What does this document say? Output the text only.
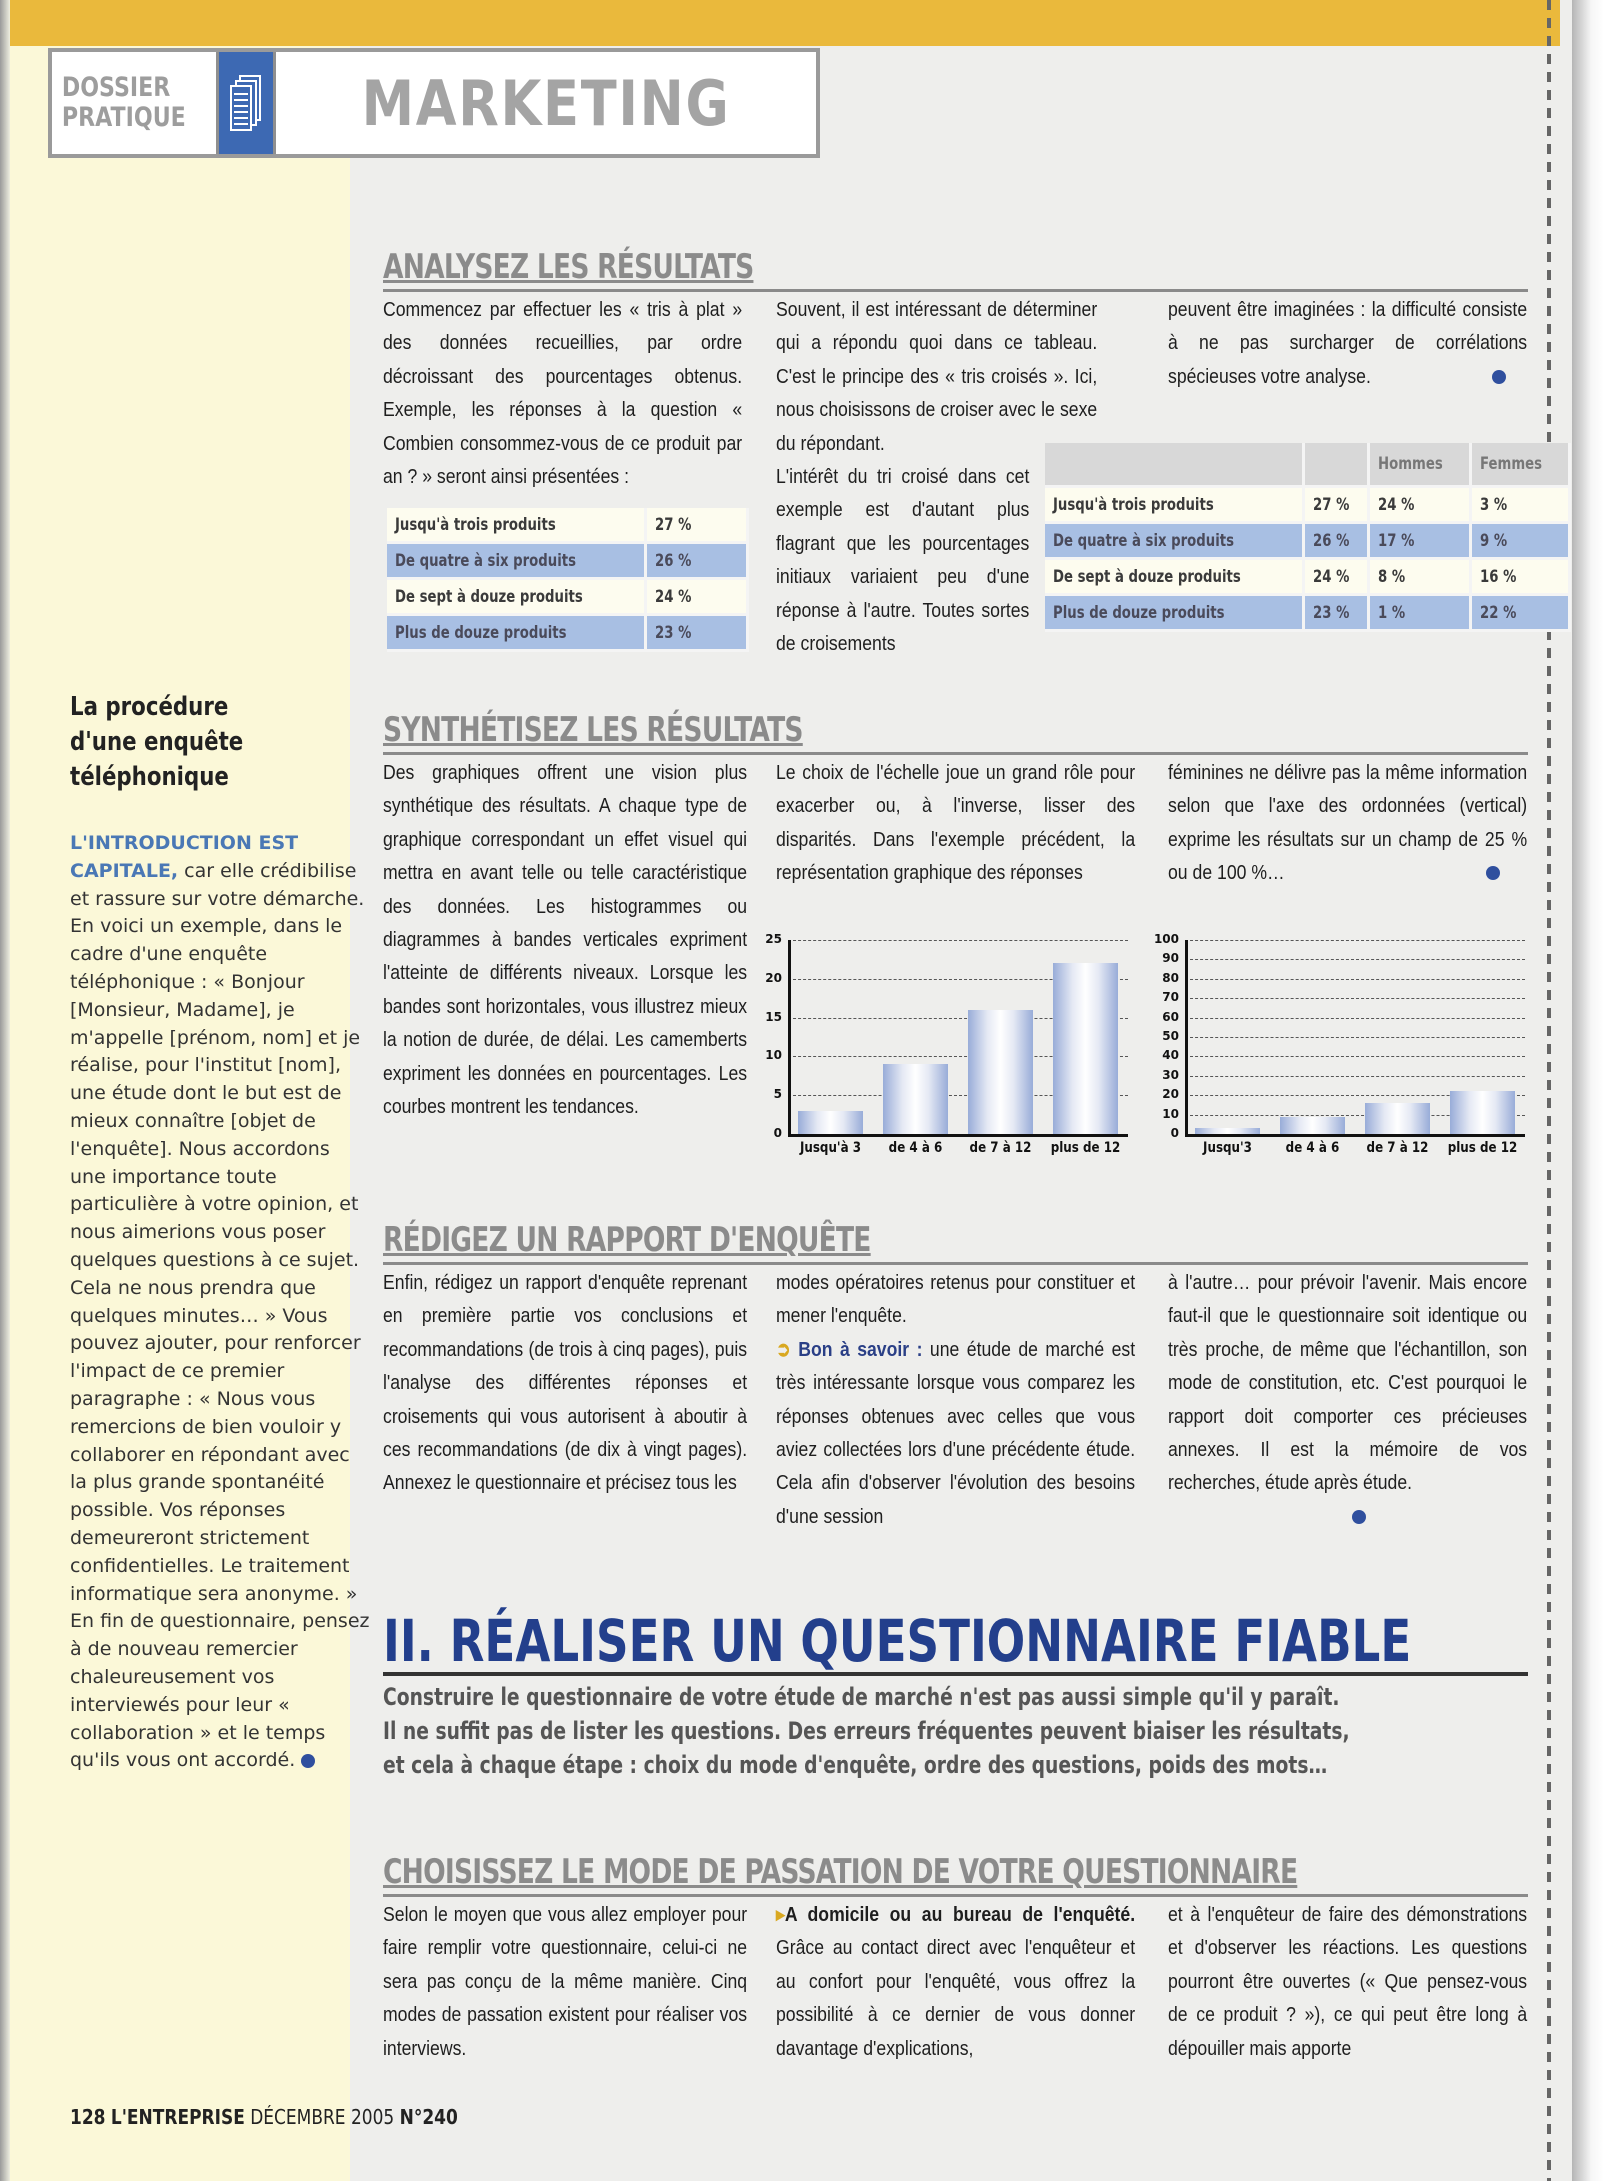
DOSSIER
PRATIQUE	MARKETING
La procédure
d'une enquête
téléphonique
L'INTRODUCTION EST CAPITALE, car elle crédibilise et rassure sur votre démarche. En voici un exemple, dans le cadre d'une enquête téléphonique : « Bonjour [Monsieur, Madame], je m'appelle [prénom, nom] et je réalise, pour l'institut [nom], une étude dont le but est de mieux connaître [objet de l'enquête]. Nous accordons une importance toute particulière à votre opinion, et nous aimerions vous poser quelques questions à ce sujet. Cela ne nous prendra que quelques minutes… » Vous pouvez ajouter, pour renforcer l'impact de ce premier paragraphe : « Nous vous remercions de bien vouloir y collaborer en répondant avec la plus grande spontanéité possible. Vos réponses demeureront strictement confidentielles. Le traitement informatique sera anonyme. » En fin de questionnaire, pensez à de nouveau remercier chaleureusement vos interviewés pour leur « collaboration » et le temps qu'ils vous ont accordé.
ANALYSEZ LES RÉSULTATS

Commencez par effectuer les « tris à plat » des données recueillies, par ordre décroissant des pourcentages obtenus. Exemple, les réponses à la question « Combien consommez-vous de ce produit par an ? » seront ainsi présentées :

Souvent, il est intéressant de déterminer qui a répondu quoi dans ce tableau. C'est le principe des « tris croisés ». Ici, nous choisissons de croiser avec le sexe du répondant.

L'intérêt du tri croisé dans cet exemple est d'autant plus flagrant que les pourcentages initiaux variaient peu d'une réponse à l'autre. Toutes sortes de croisements

peuvent être imaginées : la difficulté consiste à ne pas surcharger de corrélations spécieuses votre analyse.

Jusqu'à trois produits	27 %
De quatre à six produits	26 %
De sept à douze produits	24 %
Plus de douze produits	23 %
		Hommes	Femmes
Jusqu'à trois produits	27 %	24 %	3 %
De quatre à six produits	26 %	17 %	9 %
De sept à douze produits	24 %	8 %	16 %
Plus de douze produits	23 %	1 %	22 %
SYNTHÉTISEZ LES RÉSULTATS

Des graphiques offrent une vision plus synthétique des résultats. A chaque type de graphique correspondant un effet visuel qui mettra en avant telle ou telle caractéristique des données. Les histogrammes ou diagrammes à bandes verticales expriment l'atteinte de différents niveaux. Lorsque les bandes sont horizontales, vous illustrez mieux la notion de durée, de délai. Les camemberts expriment les données en pourcentages. Les courbes montrent les tendances.

Le choix de l'échelle joue un grand rôle pour exacerber ou, à l'inverse, lisser des disparités. Dans l'exemple précédent, la représentation graphique des réponses

féminines ne délivre pas la même information selon que l'axe des ordonnées (vertical) exprime les résultats sur un champ de 25 % ou de 100 %…

0
5
10
15
20
25
Jusqu'à 3	de 4 à 6	de 7 à 12	plus de 12
0
10
20
30
40
50
60
70
80
90
100
Jusqu'3	de 4 à 6	de 7 à 12	plus de 12
RÉDIGEZ UN RAPPORT D'ENQUÊTE

Enfin, rédigez un rapport d'enquête reprenant en première partie vos conclusions et recommandations (de trois à cinq pages), puis l'analyse des différentes réponses et croisements qui vous autorisent à aboutir à ces recommandations (de dix à vingt pages). Annexez le questionnaire et précisez tous les

modes opératoires retenus pour constituer et mener l'enquête.
➲ Bon à savoir : une étude de marché est très intéressante lorsque vous comparez les réponses obtenues avec celles que vous aviez collectées lors d'une précédente étude. Cela afin d'observer l'évolution des besoins d'une session

à l'autre… pour prévoir l'avenir. Mais encore faut-il que le questionnaire soit identique ou très proche, de même que l'échantillon, son mode de constitution, etc. C'est pourquoi le rapport doit comporter ces précieuses annexes. Il est la mémoire de vos recherches, étude après étude.

II. RÉALISER UN QUESTIONNAIRE FIABLE
Construire le questionnaire de votre étude de marché n'est pas aussi simple qu'il y paraît.
Il ne suffit pas de lister les questions. Des erreurs fréquentes peuvent biaiser les résultats,
et cela à chaque étape : choix du mode d'enquête, ordre des questions, poids des mots…
CHOISISSEZ LE MODE DE PASSATION DE VOTRE QUESTIONNAIRE

Selon le moyen que vous allez employer pour faire remplir votre questionnaire, celui-ci ne sera pas conçu de la même manière. Cinq modes de passation existent pour réaliser vos interviews.

▸A domicile ou au bureau de l'enquêté. Grâce au contact direct avec l'enquêteur et au confort pour l'enquêté, vous offrez la possibilité à ce dernier de vous donner davantage d'explications,

et à l'enquêteur de faire des démonstrations et d'observer les réactions. Les questions pourront être ouvertes (« Que pensez-vous de ce produit ? »), ce qui peut être long à dépouiller mais apporte

128 L'ENTREPRISE DÉCEMBRE 2005 N°240
